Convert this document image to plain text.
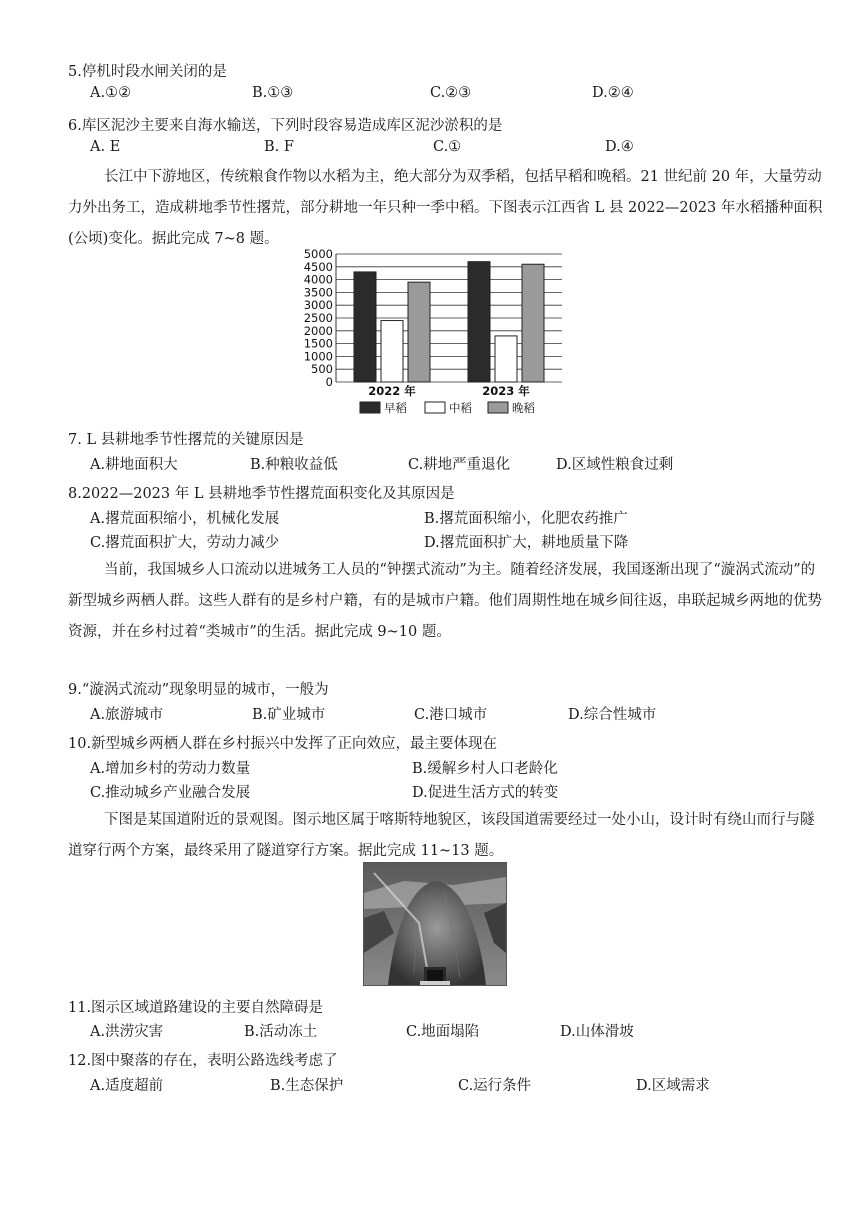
5.停机时段水闸关闭的是
A.①②	B.①③	C.②③	D.②④
6.库区泥沙主要来自海水输送，下列时段容易造成库区泥沙淤积的是
A. E	B. F	C.①	D.④
长江中下游地区，传统粮食作物以水稻为主，绝大部分为双季稻，包括早稻和晚稻。21 世纪前 20 年，大量劳动力外出务工，造成耕地季节性撂荒，部分耕地一年只种一季中稻。下图表示江西省 L 县 2022—2023 年水稻播种面积(公顷)变化。据此完成 7~8 题。
0
500
1000
1500
2000
2500
3000
3500
4000
4500
5000
2022 年	2023 年
早稻	中稻	晚稻
7. L 县耕地季节性撂荒的关键原因是
A.耕地面积大	B.种粮收益低	C.耕地严重退化	D.区域性粮食过剩
8.2022—2023 年 L 县耕地季节性撂荒面积变化及其原因是
A.撂荒面积缩小，机械化发展	B.撂荒面积缩小，化肥农药推广
C.撂荒面积扩大，劳动力减少	D.撂荒面积扩大，耕地质量下降
当前，我国城乡人口流动以进城务工人员的“钟摆式流动”为主。随着经济发展，我国逐渐出现了“漩涡式流动”的新型城乡两栖人群。这些人群有的是乡村户籍，有的是城市户籍。他们周期性地在城乡间往返，串联起城乡两地的优势资源，并在乡村过着“类城市”的生活。据此完成 9~10 题。
9.“漩涡式流动”现象明显的城市，一般为
A.旅游城市	B.矿业城市	C.港口城市	D.综合性城市
10.新型城乡两栖人群在乡村振兴中发挥了正向效应，最主要体现在
A.增加乡村的劳动力数量	B.缓解乡村人口老龄化
C.推动城乡产业融合发展	D.促进生活方式的转变
下图是某国道附近的景观图。图示地区属于喀斯特地貌区，该段国道需要经过一处小山，设计时有绕山而行与隧道穿行两个方案，最终采用了隧道穿行方案。据此完成 11~13 题。
11.图示区域道路建设的主要自然障碍是
A.洪涝灾害	B.活动冻土	C.地面塌陷	D.山体滑坡
12.图中聚落的存在，表明公路选线考虑了
A.适度超前	B.生态保护	C.运行条件	D.区域需求
